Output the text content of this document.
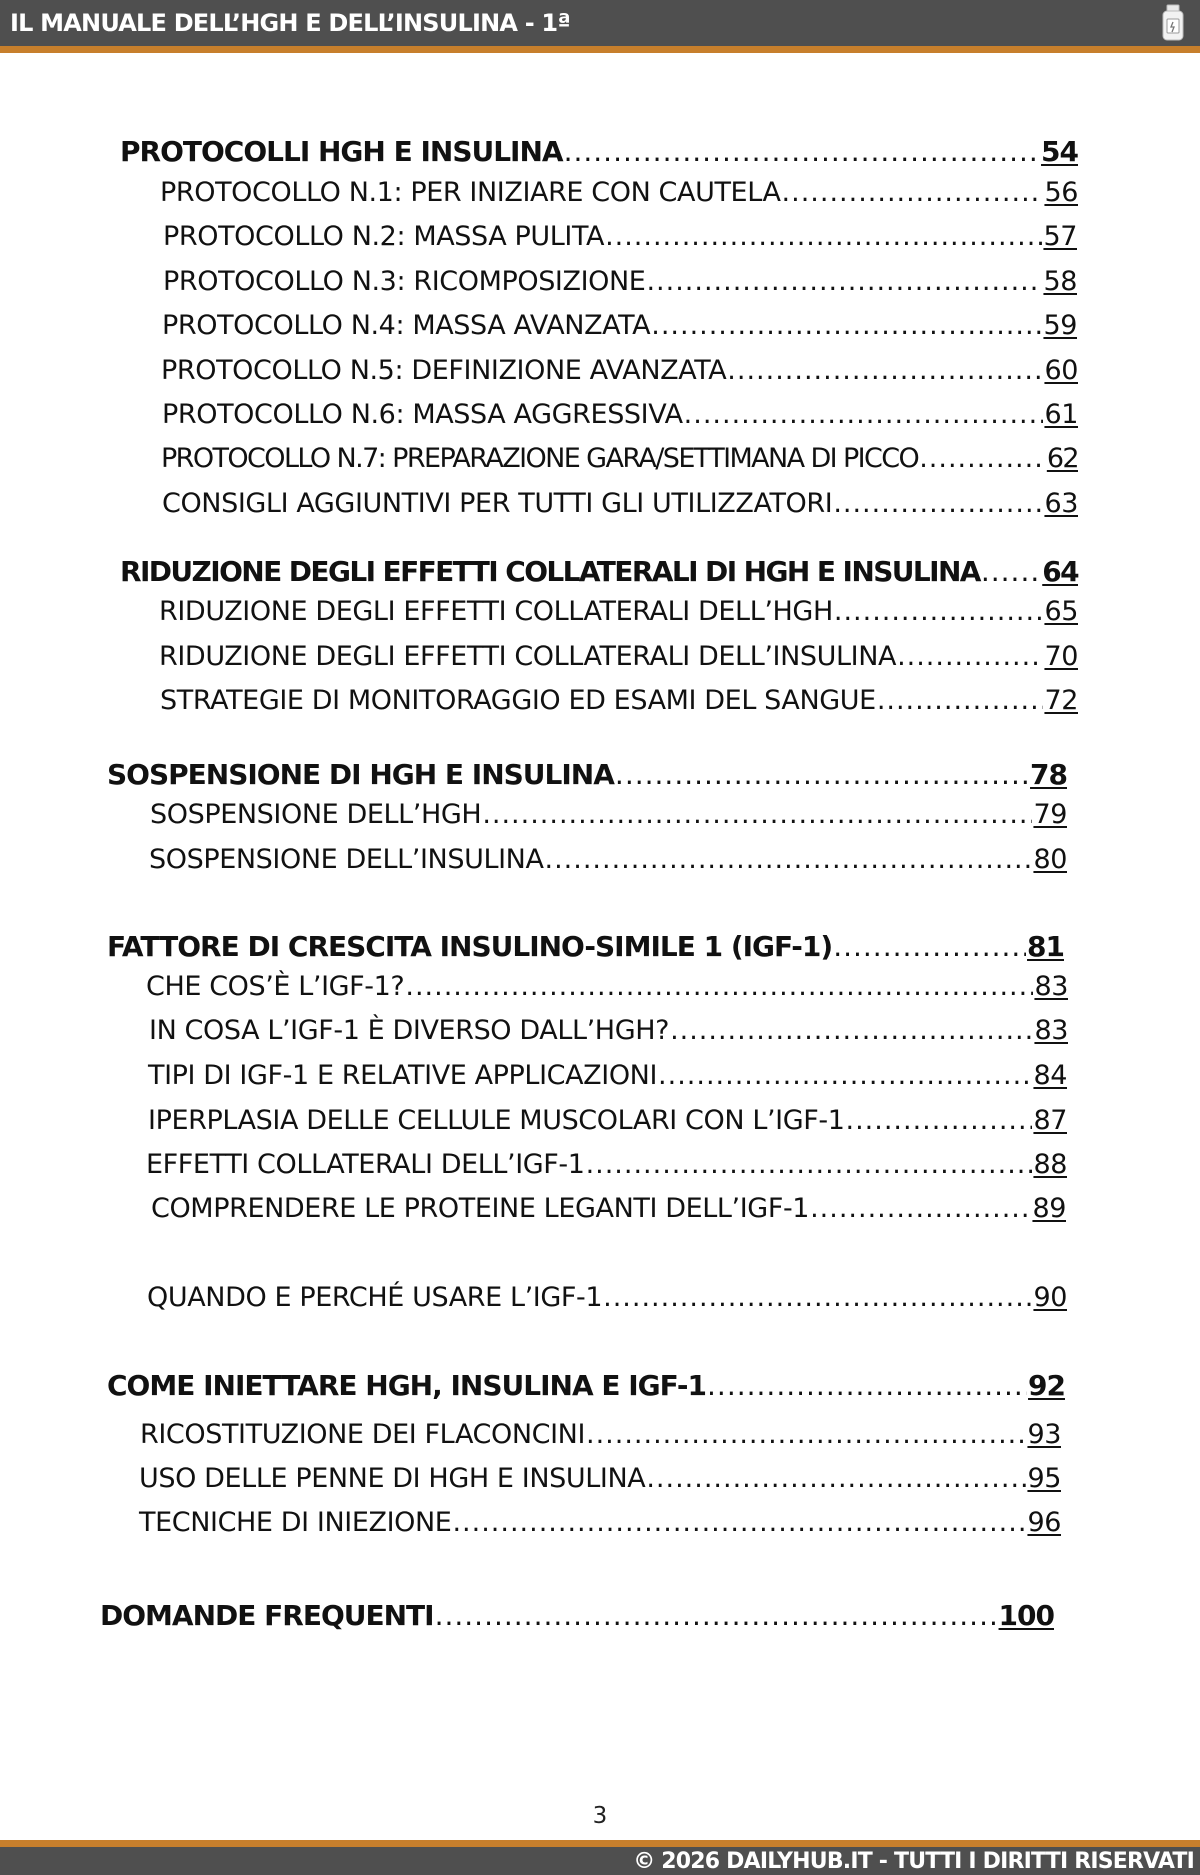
IL MANUALE DELL’HGH E DELL’INSULINA - 1ª
PROTOCOLLI HGH E INSULINA .....	54
PROTOCOLLO N.1: PER INIZIARE CON CAUTELA .....	56
PROTOCOLLO N.2: MASSA PULITA .....	57
PROTOCOLLO N.3: RICOMPOSIZIONE .....	58
PROTOCOLLO N.4: MASSA AVANZATA .....	59
PROTOCOLLO N.5: DEFINIZIONE AVANZATA .....	60
PROTOCOLLO N.6: MASSA AGGRESSIVA .....	61
PROTOCOLLO N.7: PREPARAZIONE GARA/SETTIMANA DI PICCO .....	62
CONSIGLI AGGIUNTIVI PER TUTTI GLI UTILIZZATORI .....	63
RIDUZIONE DEGLI EFFETTI COLLATERALI DI HGH E INSULINA ..... 64
RIDUZIONE DEGLI EFFETTI COLLATERALI DELL’HGH .....	65
RIDUZIONE DEGLI EFFETTI COLLATERALI DELL’INSULINA .....	70
STRATEGIE DI MONITORAGGIO ED ESAMI DEL SANGUE .....	72
SOSPENSIONE DI HGH E INSULINA .....	78
SOSPENSIONE DELL’HGH .....	79
SOSPENSIONE DELL’INSULINA .....	80
FATTORE DI CRESCITA INSULINO-SIMILE 1 (IGF-1) .....	81
CHE COS’È L’IGF-1? .....	83
IN COSA L’IGF-1 È DIVERSO DALL’HGH? .....	83
TIPI DI IGF-1 E RELATIVE APPLICAZIONI .....	84
IPERPLASIA DELLE CELLULE MUSCOLARI CON L’IGF-1 .....	87
EFFETTI COLLATERALI DELL’IGF-1 .....	88
COMPRENDERE LE PROTEINE LEGANTI DELL’IGF-1 .....	89
QUANDO E PERCHÉ USARE L’IGF-1 .....	90
COME INIETTARE HGH, INSULINA E IGF-1 .....	92
RICOSTITUZIONE DEI FLACONCINI .....	93
USO DELLE PENNE DI HGH E INSULINA .....	95
TECNICHE DI INIEZIONE .....	96
DOMANDE FREQUENTI .....	100
3
© 2026 DAILYHUB.IT - TUTTI I DIRITTI RISERVATI
